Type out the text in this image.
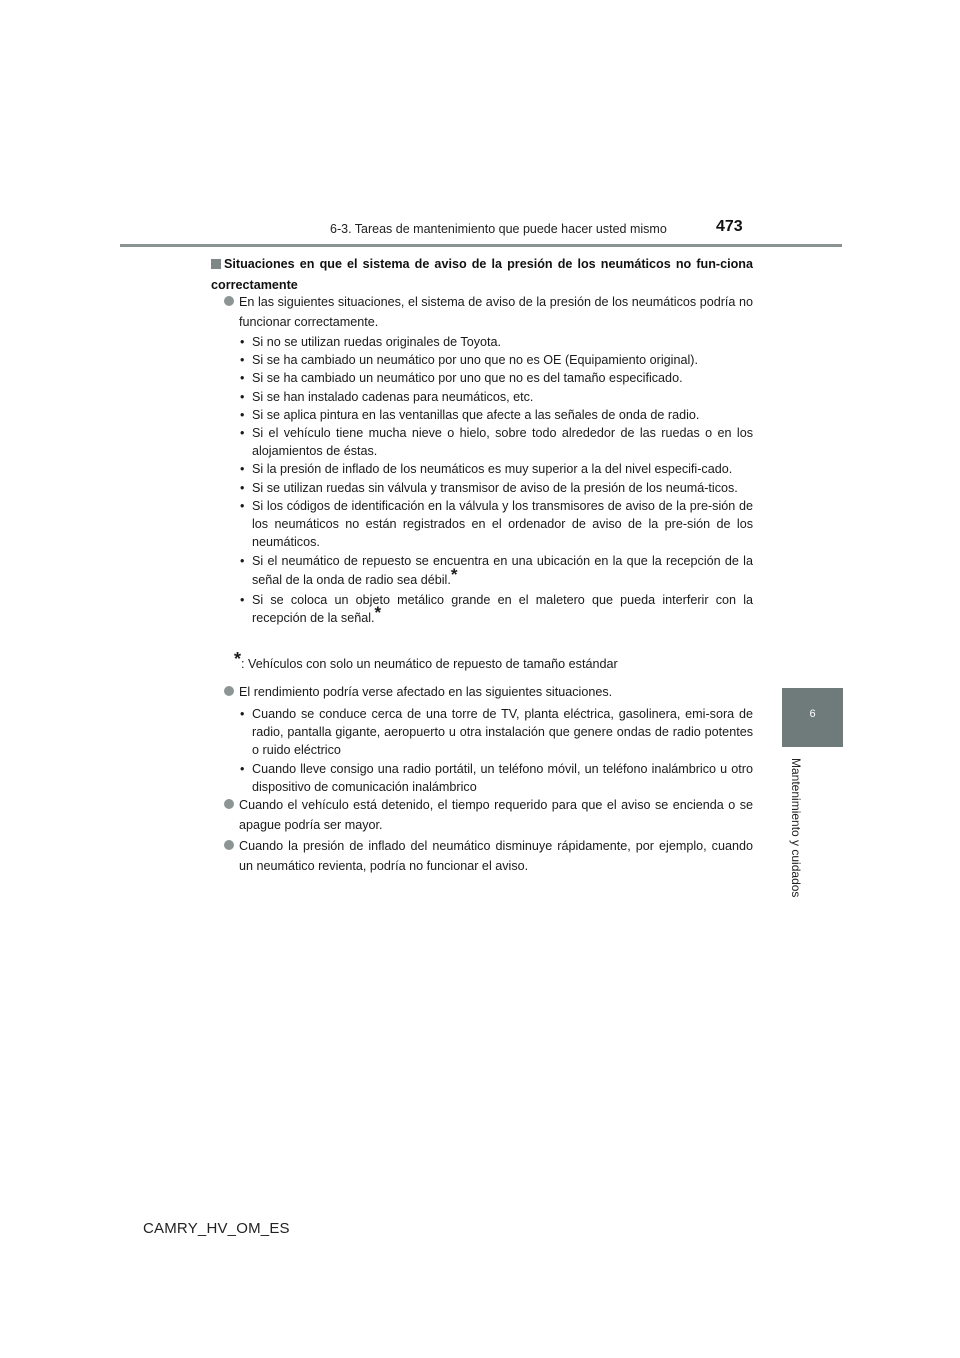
6-3. Tareas de mantenimiento que puede hacer usted mismo	473
6
Mantenimiento y cuidados
Situaciones en que el sistema de aviso de la presión de los neumáticos no fun-ciona correctamente
En las siguientes situaciones, el sistema de aviso de la presión de los neumáticos podría no funcionar correctamente.
• Si no se utilizan ruedas originales de Toyota.
• Si se ha cambiado un neumático por uno que no es OE (Equipamiento original).
• Si se ha cambiado un neumático por uno que no es del tamaño especificado.
• Si se han instalado cadenas para neumáticos, etc.
• Si se aplica pintura en las ventanillas que afecte a las señales de onda de radio.
• Si el vehículo tiene mucha nieve o hielo, sobre todo alrededor de las ruedas o en los alojamientos de éstas.
• Si la presión de inflado de los neumáticos es muy superior a la del nivel especifi-cado.
• Si se utilizan ruedas sin válvula y transmisor de aviso de la presión de los neumá-ticos.
• Si los códigos de identificación en la válvula y los transmisores de aviso de la pre-sión de los neumáticos no están registrados en el ordenador de aviso de la pre-sión de los neumáticos.
• Si el neumático de repuesto se encuentra en una ubicación en la que la recepción de la señal de la onda de radio sea débil.*
• Si se coloca un objeto metálico grande en el maletero que pueda interferir con la recepción de la señal.*
*: Vehículos con solo un neumático de repuesto de tamaño estándar
El rendimiento podría verse afectado en las siguientes situaciones.
• Cuando se conduce cerca de una torre de TV, planta eléctrica, gasolinera, emi-sora de radio, pantalla gigante, aeropuerto u otra instalación que genere ondas de radio potentes o ruido eléctrico
• Cuando lleve consigo una radio portátil, un teléfono móvil, un teléfono inalámbrico u otro dispositivo de comunicación inalámbrico
Cuando el vehículo está detenido, el tiempo requerido para que el aviso se encienda o se apague podría ser mayor.
Cuando la presión de inflado del neumático disminuye rápidamente, por ejemplo, cuando un neumático revienta, podría no funcionar el aviso.
CAMRY_HV_OM_ES
